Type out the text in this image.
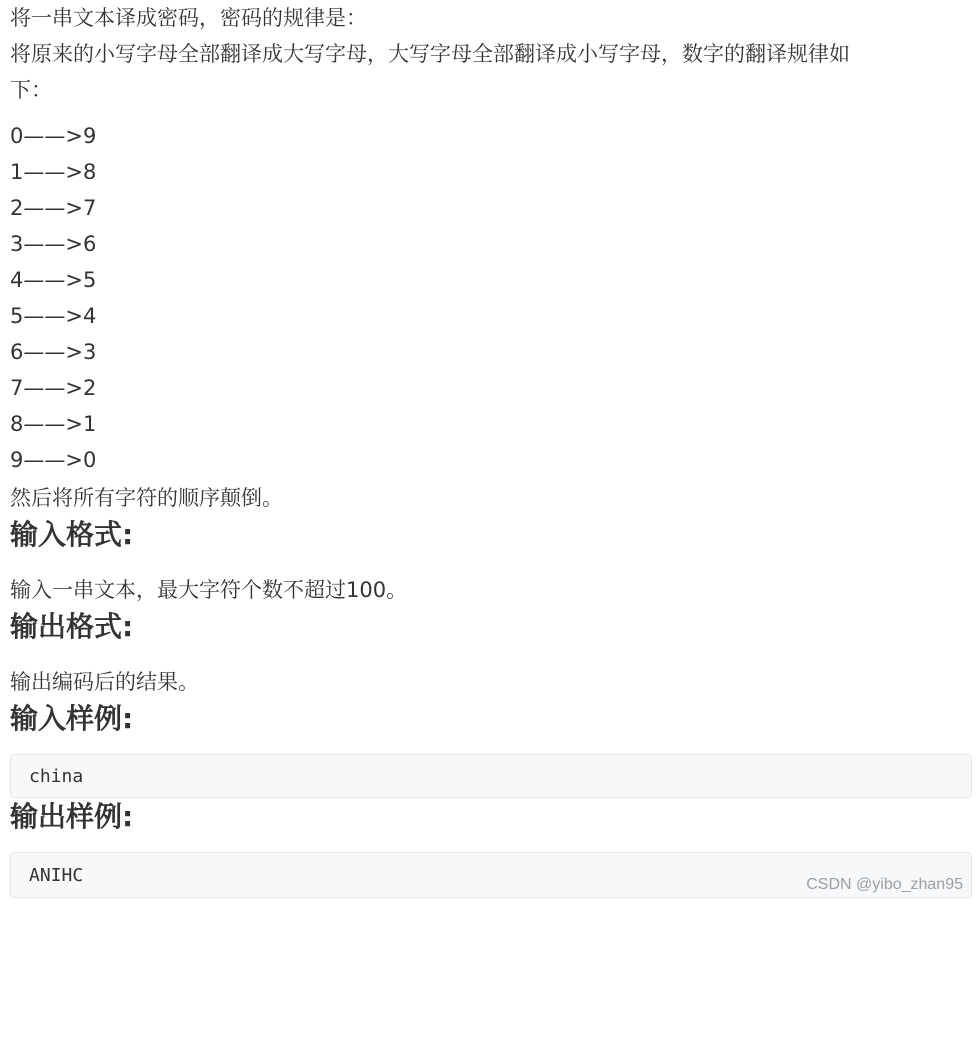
将一串文本译成密码，密码的规律是：

将原来的小写字母全部翻译成大写字母，大写字母全部翻译成小写字母，数字的翻译规律如

下：

0——>9

1——>8

2——>7

3——>6

4——>5

5——>4

6——>3

7——>2

8——>1

9——>0

然后将所有字符的顺序颠倒。

输入格式:

输入一串文本，最大字符个数不超过100。

输出格式:

输出编码后的结果。

输入样例:
china
输出样例:
ANIHC	CSDN @yibo_zhan95
